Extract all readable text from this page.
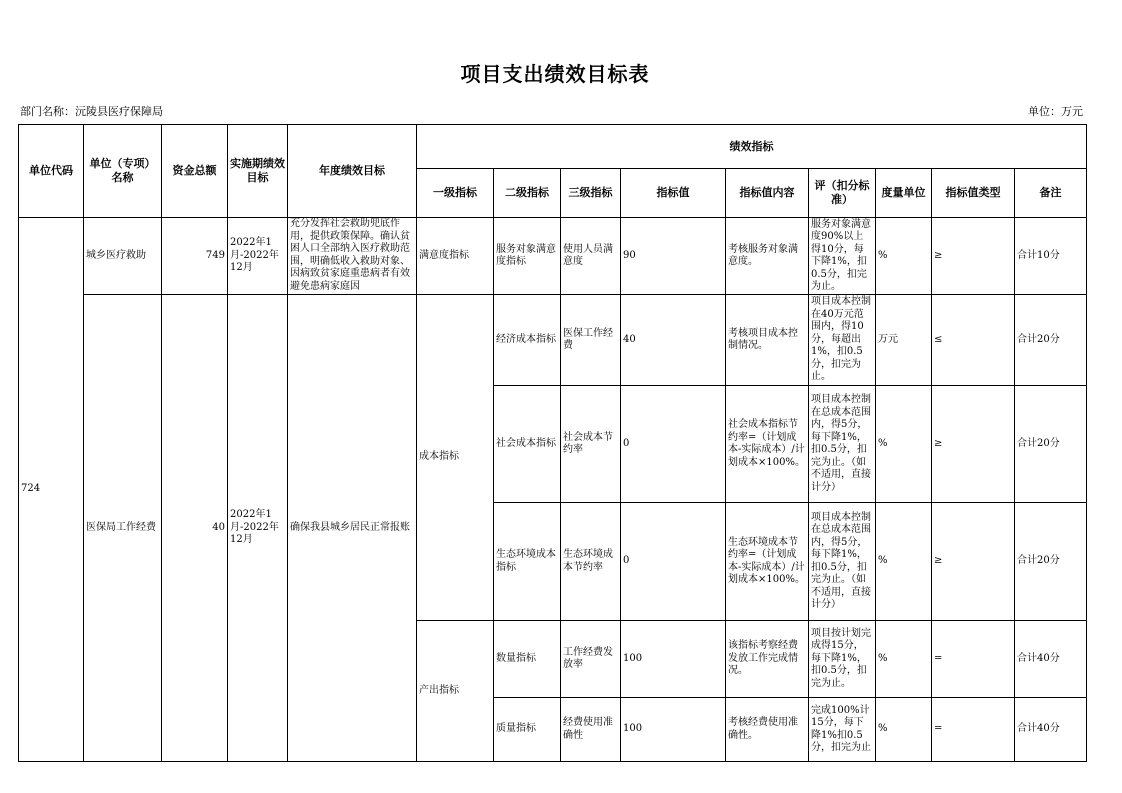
项目支出绩效目标表
部门名称：沅陵县医疗保障局	单位：万元
单位代码	单位（专项）名称	资金总额	实施期绩效目标	年度绩效目标	绩效指标								
					一级指标	二级指标	三级指标	指标值	指标值内容	评（扣分标准）	度量单位	指标值类型	备注
724	城乡医疗救助	749	2022年1月-2022年12月	充分发挥社会救助兜底作用，提供政策保障。确认贫困人口全部纳入医疗救助范围，明确低收入救助对象、因病致贫家庭重患病者有效避免患病家庭因	满意度指标	服务对象满意度指标	使用人员满意度	90	考核服务对象满意度。	服务对象满意度90%以上得10分，每下降1%，扣0.5分，扣完为止。	%	≥	合计10分
	医保局工作经费	40	2022年1月-2022年12月	确保我县城乡居民正常报账	成本指标	经济成本指标	医保工作经费	40	考核项目成本控制情况。	项目成本控制在40万元范围内，得10分，每超出1%，扣0.5分，扣完为止。	万元	≤	合计20分
						社会成本指标	社会成本节约率	0	社会成本指标节约率=（计划成本-实际成本）/计划成本×100%。	项目成本控制在总成本范围内，得5分，每下降1%，扣0.5分，扣完为止。（如不适用，直接计分）	%	≥	合计20分
						生态环境成本指标	生态环境成本节约率	0	生态环境成本节约率=（计划成本-实际成本）/计划成本×100%。	项目成本控制在总成本范围内，得5分，每下降1%，扣0.5分，扣完为止。（如不适用，直接计分）	%	≥	合计20分
					产出指标	数量指标	工作经费发放率	100	该指标考察经费发放工作完成情况。	项目按计划完成得15分，每下降1%，扣0.5分，扣完为止。	%	=	合计40分
						质量指标	经费使用准确性	100	考核经费使用准确性。	完成100%计15分，每下降1%扣0.5分，扣完为止	%	=	合计40分
